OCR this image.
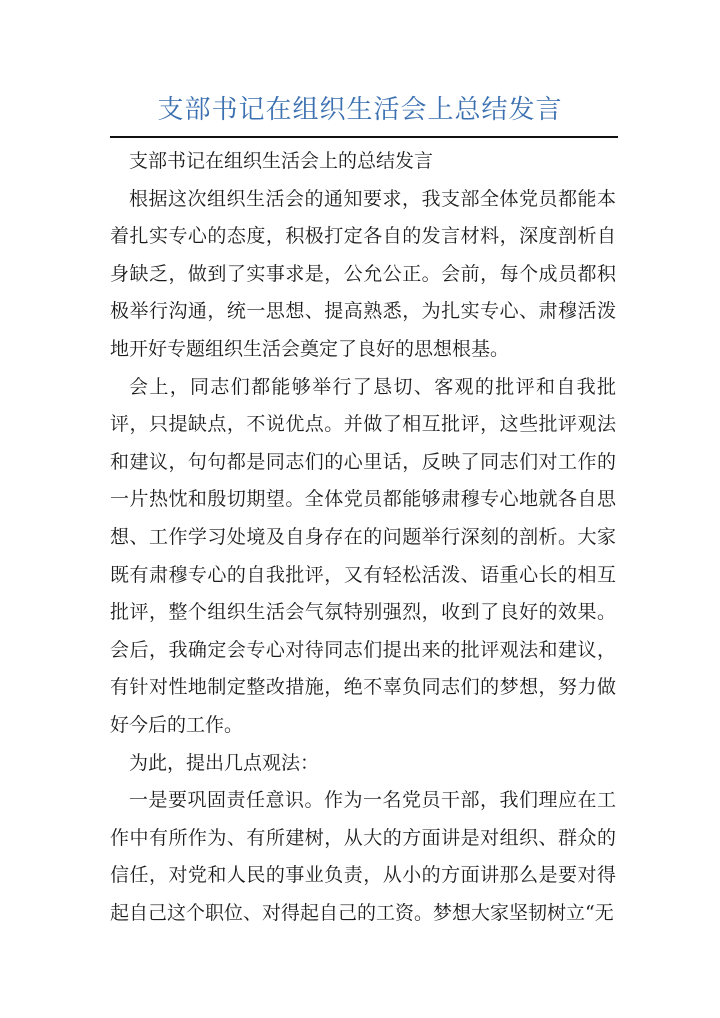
支部书记在组织生活会上总结发言

支部书记在组织生活会上的总结发言

根据这次组织生活会的通知要求，我支部全体党员都能本着扎实专心的态度，积极打定各自的发言材料，深度剖析自身缺乏，做到了实事求是，公允公正。会前，每个成员都积极举行沟通，统一思想、提高熟悉，为扎实专心、肃穆活泼地开好专题组织生活会奠定了良好的思想根基。

会上，同志们都能够举行了恳切、客观的批评和自我批评，只提缺点，不说优点。并做了相互批评，这些批评观法和建议，句句都是同志们的心里话，反映了同志们对工作的一片热忱和殷切期望。全体党员都能够肃穆专心地就各自思想、工作学习处境及自身存在的问题举行深刻的剖析。大家既有肃穆专心的自我批评，又有轻松活泼、语重心长的相互批评，整个组织生活会气氛特别强烈，收到了良好的效果。会后，我确定会专心对待同志们提出来的批评观法和建议，有针对性地制定整改措施，绝不辜负同志们的梦想，努力做好今后的工作。

为此，提出几点观法：

一是要巩固责任意识。作为一名党员干部，我们理应在工作中有所作为、有所建树，从大的方面讲是对组织、群众的信任，对党和人民的事业负责，从小的方面讲那么是要对得起自己这个职位、对得起自己的工资。梦想大家坚韧树立“无
